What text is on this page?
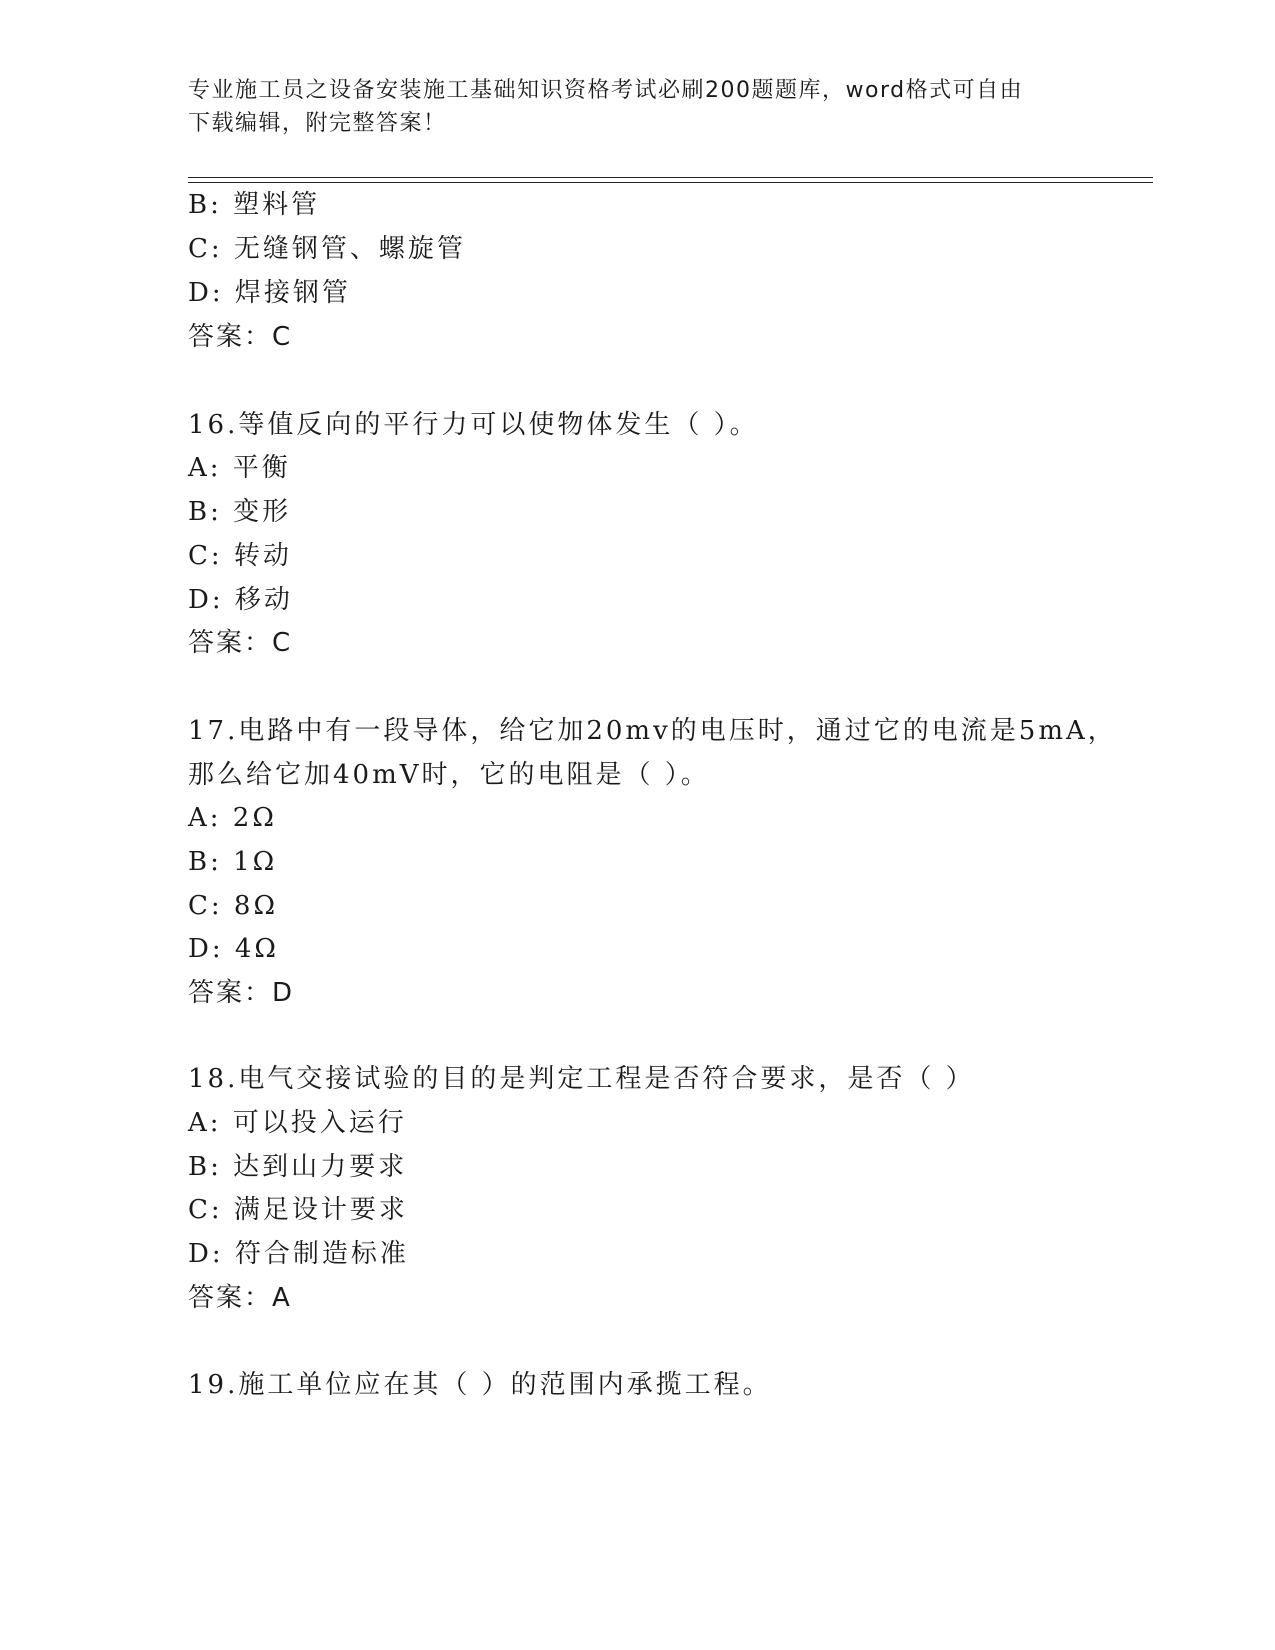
专业施工员之设备安装施工基础知识资格考试必刷200题题库，word格式可自由
下载编辑，附完整答案！
B: 塑料管
C: 无缝钢管、螺旋管
D: 焊接钢管
答案：C
16.等值反向的平行力可以使物体发生（ ）。
A: 平衡
B: 变形
C: 转动
D: 移动
答案：C
17.电路中有一段导体，给它加20mv的电压时，通过它的电流是5mA，
那么给它加40mV时，它的电阻是（ ）。
A: 2Ω
B: 1Ω
C: 8Ω
D: 4Ω
答案：D
18.电气交接试验的目的是判定工程是否符合要求，是否（ ）
A: 可以投入运行
B: 达到山力要求
C: 满足设计要求
D: 符合制造标准
答案：A
19.施工单位应在其（ ）的范围内承揽工程。
